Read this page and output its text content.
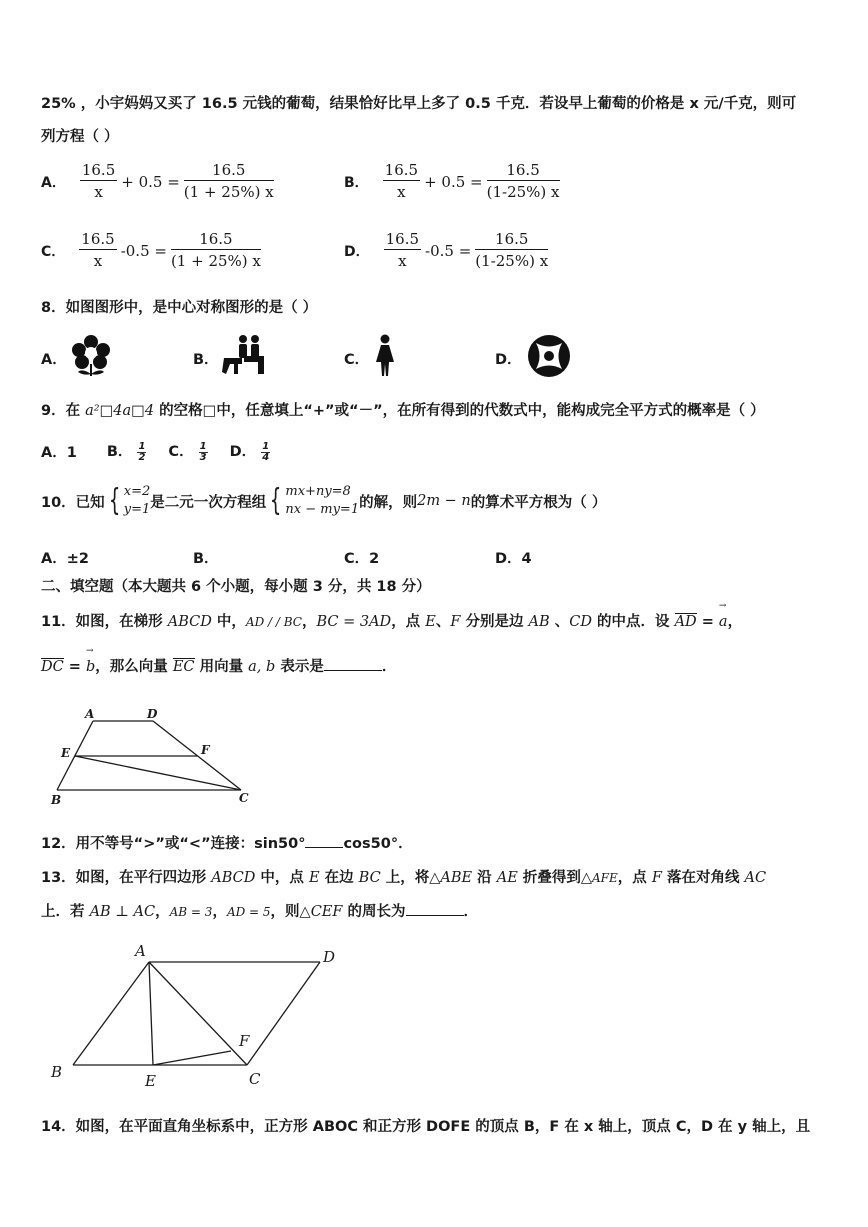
25% ，小宇妈妈又买了 16.5 元钱的葡萄，结果恰好比早上多了 0.5 千克．若设早上葡萄的价格是 x 元/千克，则可
列方程（ ）
A． $\frac{16.5}{x} + 0.5 = \frac{16.5}{(1 + 25\%) x}$	B． $\frac{16.5}{x} + 0.5 = \frac{16.5}{(1-25\%) x}$
C． $\frac{16.5}{x} -0.5 = \frac{16.5}{(1 + 25\%) x}$	D． $\frac{16.5}{x} -0.5 = \frac{16.5}{(1-25\%) x}$
8．如图图形中，是中心对称图形的是（ ）
A．	B．	C．	D．
9．在 a²□4a□4 的空格□中，任意填上“+”或“－”，在所有得到的代数式中，能构成完全平方式的概率是（ ）
A．1 B． $\frac{1}{2}$ C． $\frac{1}{3}$ D． $\frac{1}{4}$
10．已知 { x=2
y=1 是二元一次方程组 { mx+ny=8
nx − my=1 的解，则 2m − n 的算术平方根为（ ）
A．±2	B．	C．2	D．4
二、填空题（本大题共 6 个小题，每小题 3 分，共 18 分）
11．如图，在梯形 ABCD 中，AD / / BC，BC = 3AD，点 E、F 分别是边 AB 、CD 的中点．设 AD = → a，
DC = → b，那么向量 EC 用向量 a, b 表示是	．
A	D
E	F
B	C
12．用不等号“>”或“<”连接：sin50°	cos50°．
13．如图，在平行四边形 ABCD 中，点 E 在边 BC 上，将△ABE 沿 AE 折叠得到△AFE，点 F 落在对角线 AC
上．若 AB ⊥ AC，AB = 3，AD = 5，则△CEF 的周长为	．
A	D
F
B	E	C
14．如图，在平面直角坐标系中，正方形 ABOC 和正方形 DOFE 的顶点 B，F 在 x 轴上，顶点 C，D 在 y 轴上，且
